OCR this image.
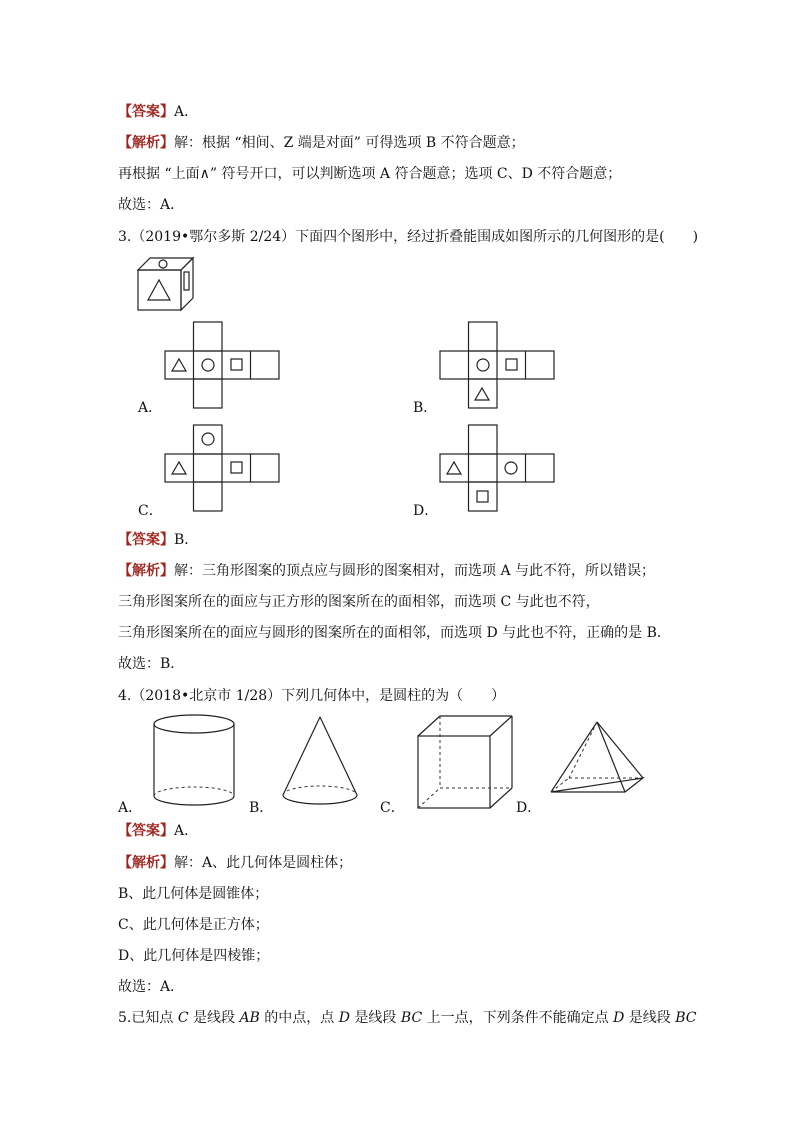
【答案】A．
【解析】解：根据 “相间、Z 端是对面” 可得选项 B 不符合题意；
再根据 “上面∧” 符号开口，可以判断选项 A 符合题意；选项 C、D 不符合题意；
故选：A．
3.（2019•鄂尔多斯 2/24）下面四个图形中，经过折叠能围成如图所示的几何图形的是(　　)
A．	B．
C．	D．
【答案】B．
【解析】解：三角形图案的顶点应与圆形的图案相对，而选项 A 与此不符，所以错误；
三角形图案所在的面应与正方形的图案所在的面相邻，而选项 C 与此也不符，
三角形图案所在的面应与圆形的图案所在的面相邻，而选项 D 与此也不符，正确的是 B．
故选：B．
4.（2018•北京市 1/28）下列几何体中，是圆柱的为（　　）
A．	B．	C．	D．
【答案】A．
【解析】解：A、此几何体是圆柱体；
B、此几何体是圆锥体；
C、此几何体是正方体；
D、此几何体是四棱锥；
故选：A．
5.已知点 C 是线段 AB 的中点，点 D 是线段 BC 上一点，下列条件不能确定点 D 是线段 BC
